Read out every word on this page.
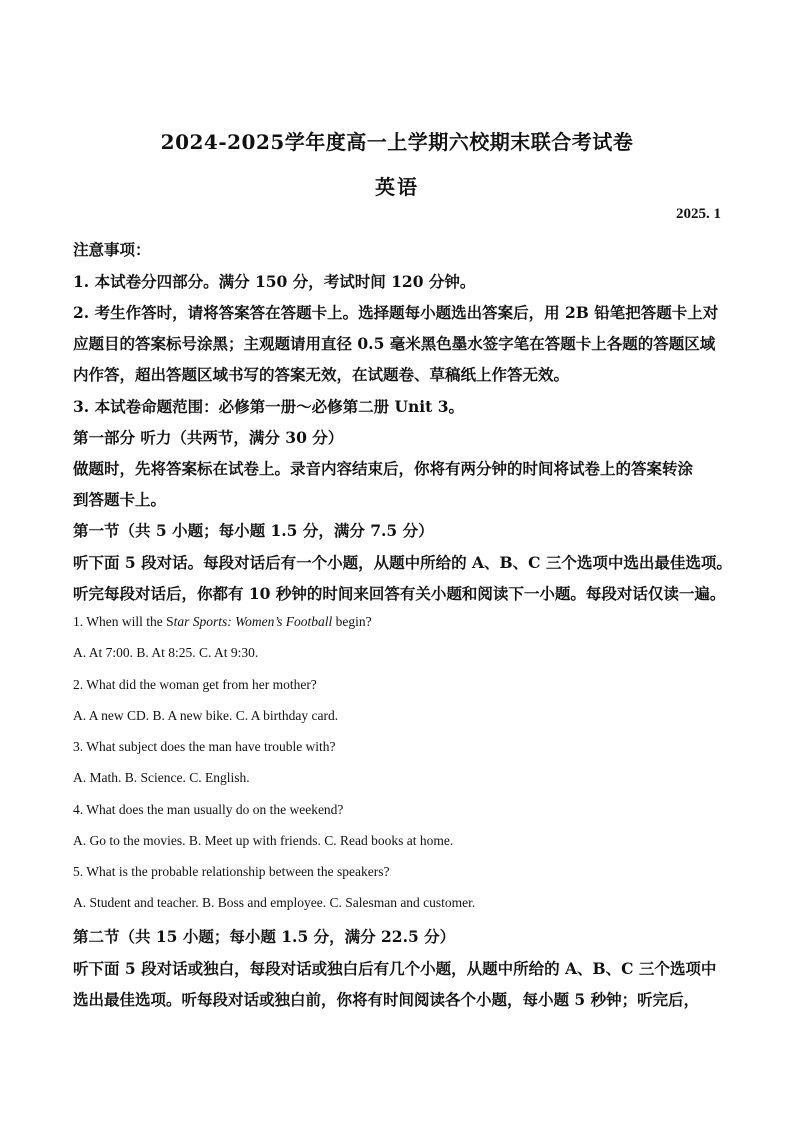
2024-2025学年度高一上学期六校期末联合考试卷
英语
2025. 1
注意事项：
1. 本试卷分四部分。满分 150 分，考试时间 120 分钟。
2. 考生作答时，请将答案答在答题卡上。选择题每小题选出答案后，用 2B 铅笔把答题卡上对
应题目的答案标号涂黑；主观题请用直径 0.5 毫米黑色墨水签字笔在答题卡上各题的答题区域
内作答，超出答题区域书写的答案无效，在试题卷、草稿纸上作答无效。
3. 本试卷命题范围：必修第一册～必修第二册 Unit 3。
第一部分 听力（共两节，满分 30 分）
做题时，先将答案标在试卷上。录音内容结束后，你将有两分钟的时间将试卷上的答案转涂
到答题卡上。
第一节（共 5 小题；每小题 1.5 分，满分 7.5 分）
听下面 5 段对话。每段对话后有一个小题，从题中所给的 A、B、C 三个选项中选出最佳选项。
听完每段对话后，你都有 10 秒钟的时间来回答有关小题和阅读下一小题。每段对话仅读一遍。
1. When will the Star Sports: Women’s Football begin?
A. At 7:00. B. At 8:25. C. At 9:30.
2. What did the woman get from her mother?
A. A new CD. B. A new bike. C. A birthday card.
3. What subject does the man have trouble with?
A. Math. B. Science. C. English.
4. What does the man usually do on the weekend?
A. Go to the movies. B. Meet up with friends. C. Read books at home.
5. What is the probable relationship between the speakers?
A. Student and teacher. B. Boss and employee. C. Salesman and customer.
第二节（共 15 小题；每小题 1.5 分，满分 22.5 分）
听下面 5 段对话或独白，每段对话或独白后有几个小题，从题中所给的 A、B、C 三个选项中
选出最佳选项。听每段对话或独白前，你将有时间阅读各个小题，每小题 5 秒钟；听完后，
